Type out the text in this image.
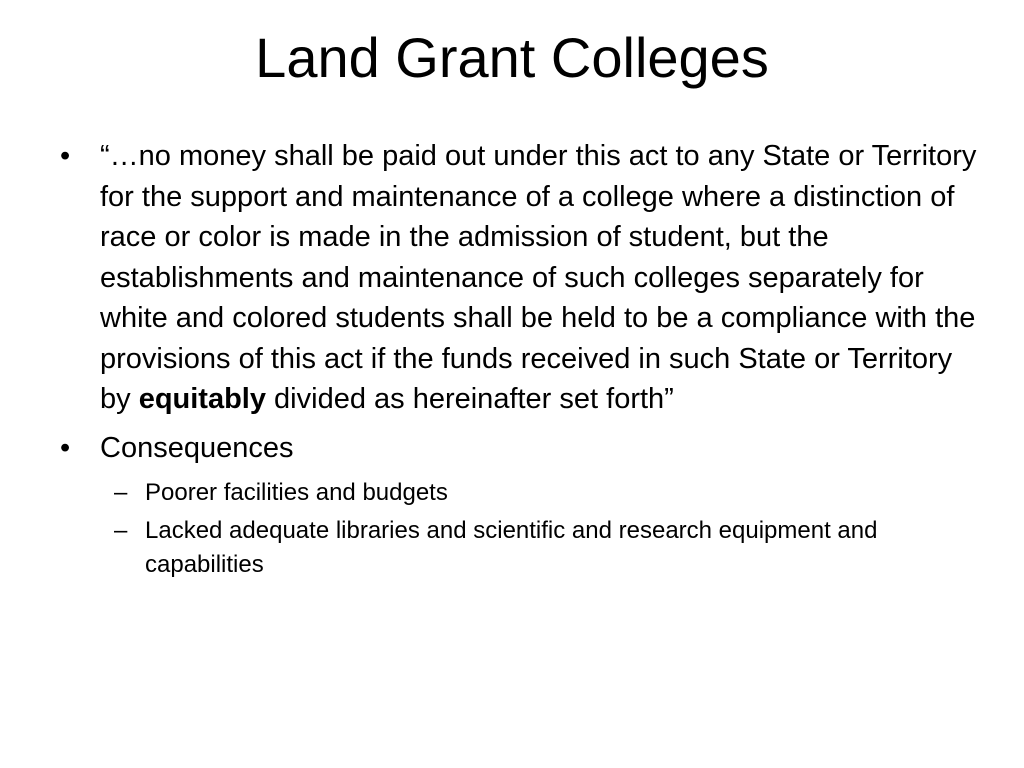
Land Grant Colleges
• “…no money shall be paid out under this act to any State or Territory for the support and maintenance of a college where a distinction of race or color is made in the admission of student, but the establishments and maintenance of such colleges separately for white and colored students shall be held to be a compliance with the provisions of this act if the funds received in such State or Territory by equitably divided as hereinafter set forth”
• Consequences
– Poorer facilities and budgets
– Lacked adequate libraries and scientific and research equipment and capabilities
